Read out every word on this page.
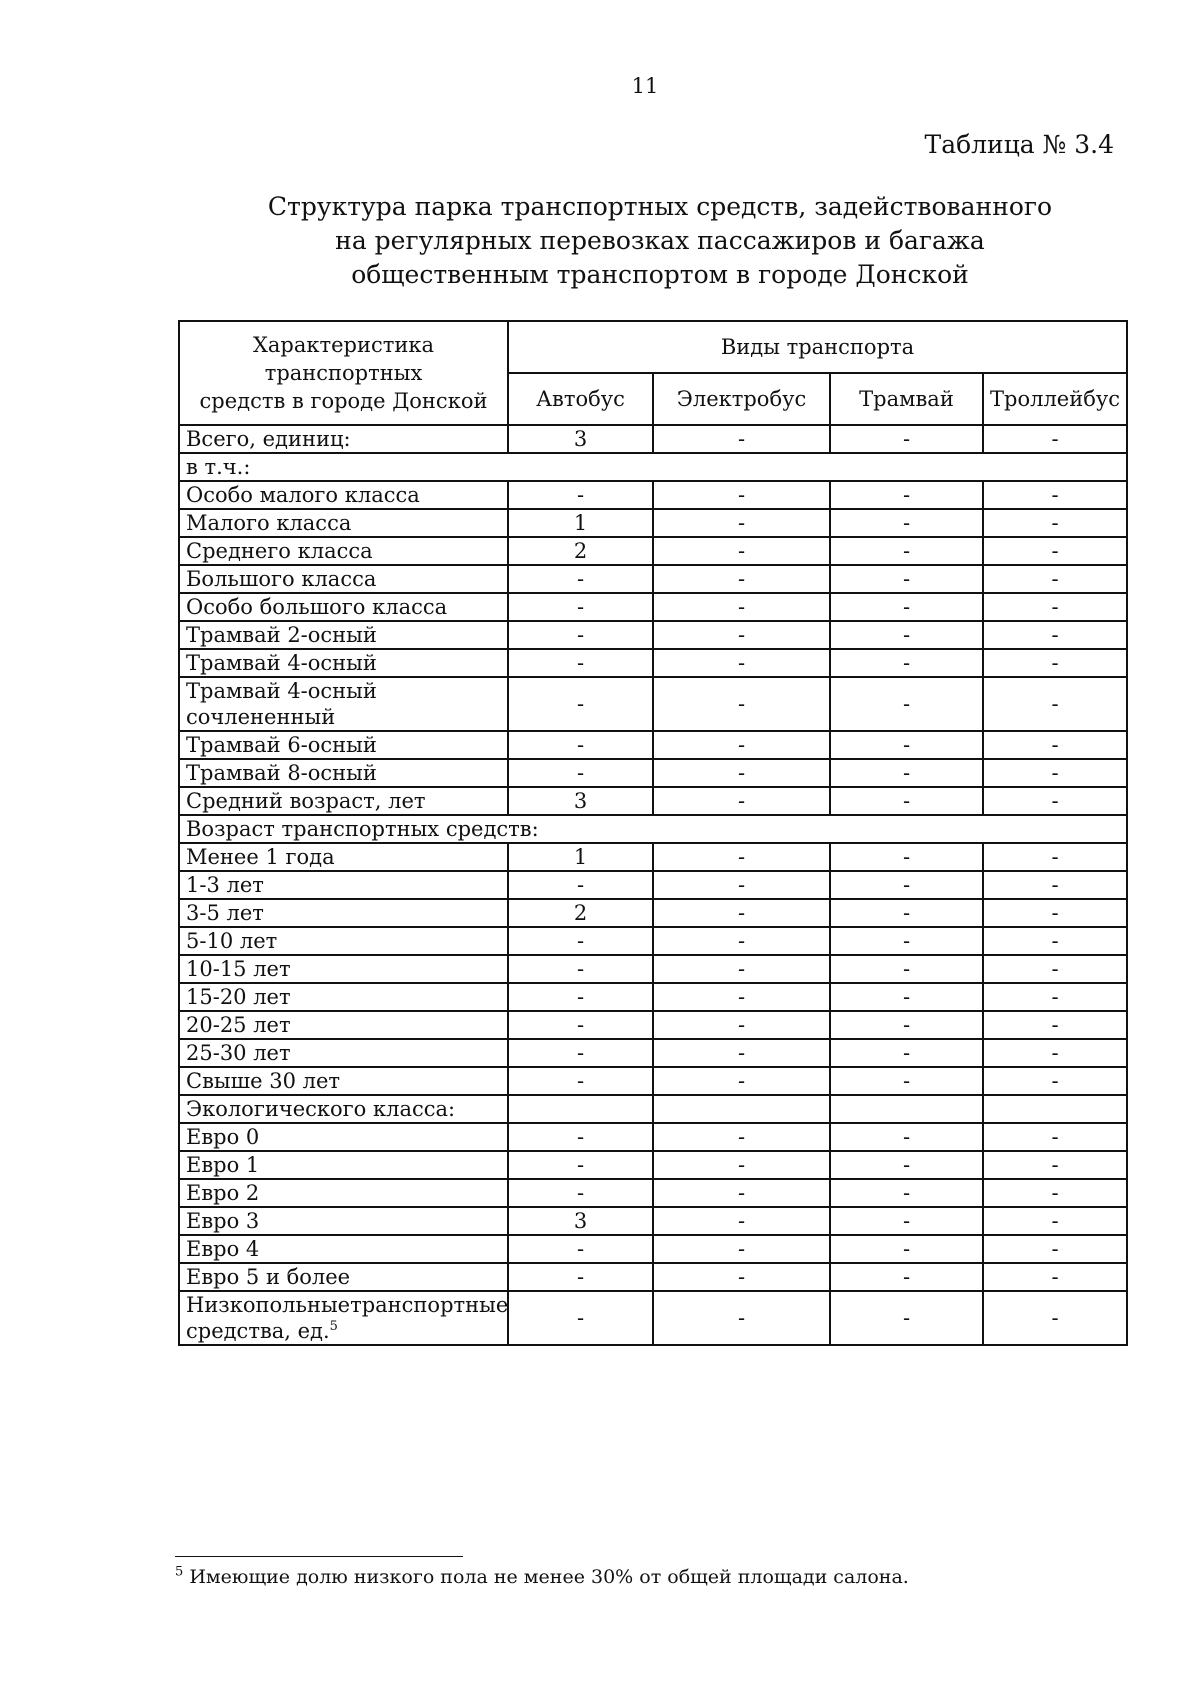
11
Таблица № 3.4
Структура парка транспортных средств, задействованного
на регулярных перевозках пассажиров и багажа
общественным транспортом в городе Донской
Характеристика транспортных
средств в городе Донской	Виды транспорта			
	Автобус	Электробус	Трамвай	Троллейбус
Всего, единиц:	3	-	-	-
в т.ч.:				
Особо малого класса	-	-	-	-
Малого класса	1	-	-	-
Среднего класса	2	-	-	-
Большого класса	-	-	-	-
Особо большого класса	-	-	-	-
Трамвай 2-осный	-	-	-	-
Трамвай 4-осный	-	-	-	-
Трамвай 4-осный сочлененный	-	-	-	-
Трамвай 6-осный	-	-	-	-
Трамвай 8-осный	-	-	-	-
Средний возраст, лет	3	-	-	-
Возраст транспортных средств:				
Менее 1 года	1	-	-	-
1-3 лет	-	-	-	-
3-5 лет	2	-	-	-
5-10 лет	-	-	-	-
10-15 лет	-	-	-	-
15-20 лет	-	-	-	-
20-25 лет	-	-	-	-
25-30 лет	-	-	-	-
Свыше 30 лет	-	-	-	-
Экологического класса:				
Евро 0	-	-	-	-
Евро 1	-	-	-	-
Евро 2	-	-	-	-
Евро 3	3	-	-	-
Евро 4	-	-	-	-
Евро 5 и более	-	-	-	-

Низкопольные транспортные
средства, ед.$^5$	-	-	-	-
$^5$ Имеющие долю низкого пола не менее 30% от общей площади салона.
